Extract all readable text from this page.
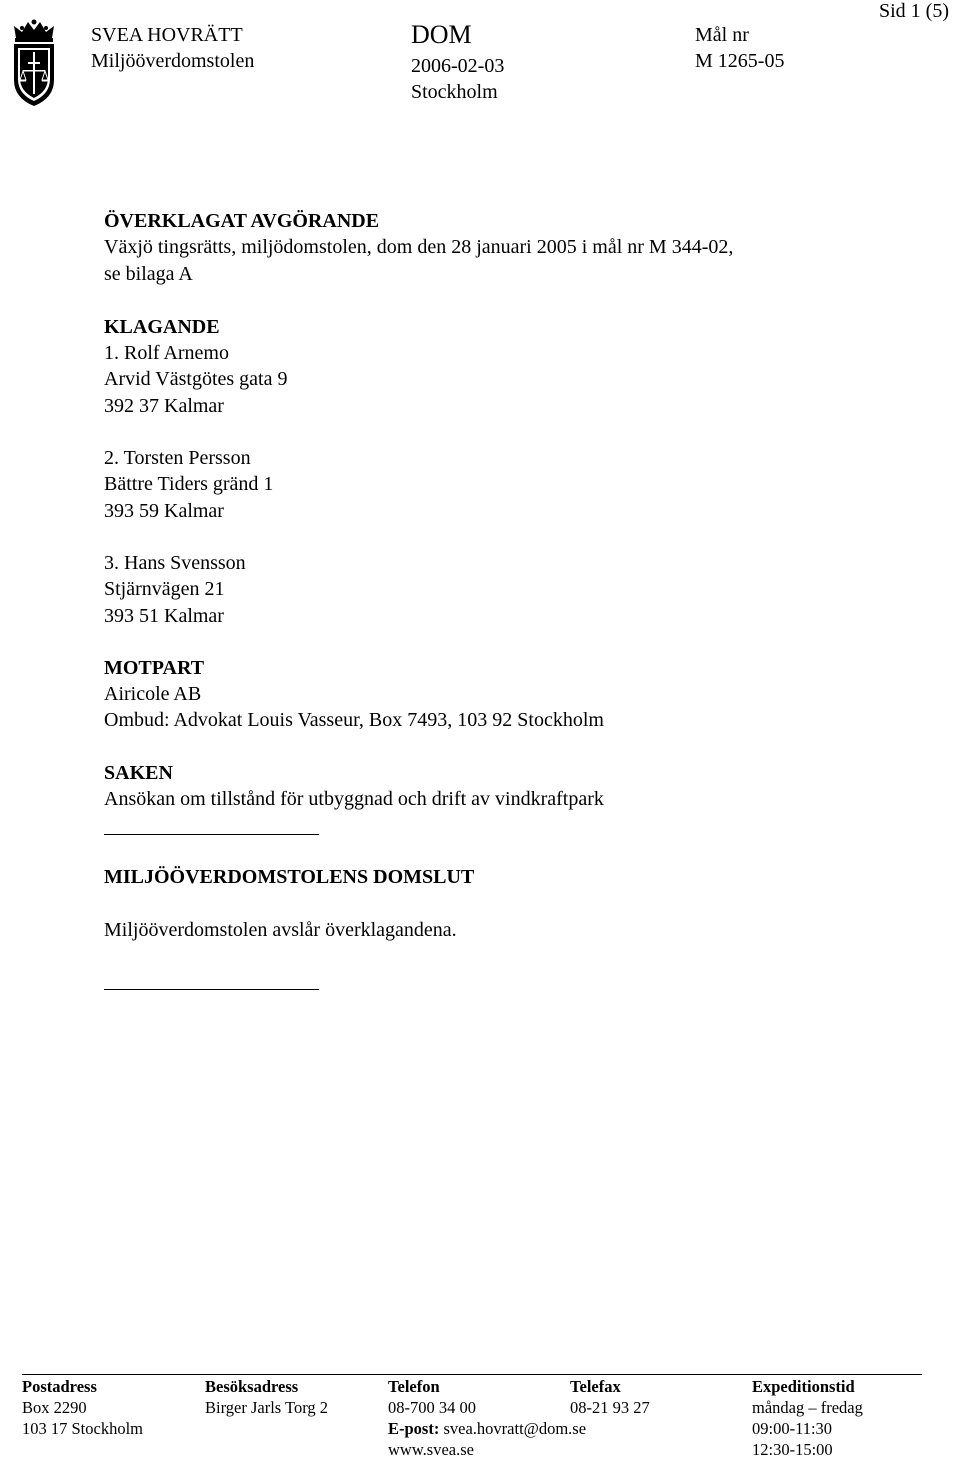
SVEA HOVRÄTT
Miljööverdomstolen
DOM
2006-02-03
Stockholm
Mål nr
M 1265-05
Sid 1 (5)
ÖVERKLAGAT AVGÖRANDE
Växjö tingsrätts, miljödomstolen, dom den 28 januari 2005 i mål nr M 344-02,
se bilaga A
KLAGANDE
1. Rolf Arnemo
Arvid Västgötes gata 9
392 37 Kalmar
2. Torsten Persson
Bättre Tiders gränd 1
393 59 Kalmar
3. Hans Svensson
Stjärnvägen 21
393 51 Kalmar
MOTPART
Airicole AB
Ombud: Advokat Louis Vasseur, Box 7493, 103 92 Stockholm
SAKEN
Ansökan om tillstånd för utbyggnad och drift av vindkraftpark
MILJÖÖVERDOMSTOLENS DOMSLUT
Miljööverdomstolen avslår överklagandena.
Postadress
Box 2290
103 17 Stockholm
Besöksadress
Birger Jarls Torg 2
Telefon
08-700 34 00
E-post: svea.hovratt@dom.se
www.svea.se
Telefax
08-21 93 27
Expeditionstid
måndag – fredag
09:00-11:30
12:30-15:00
